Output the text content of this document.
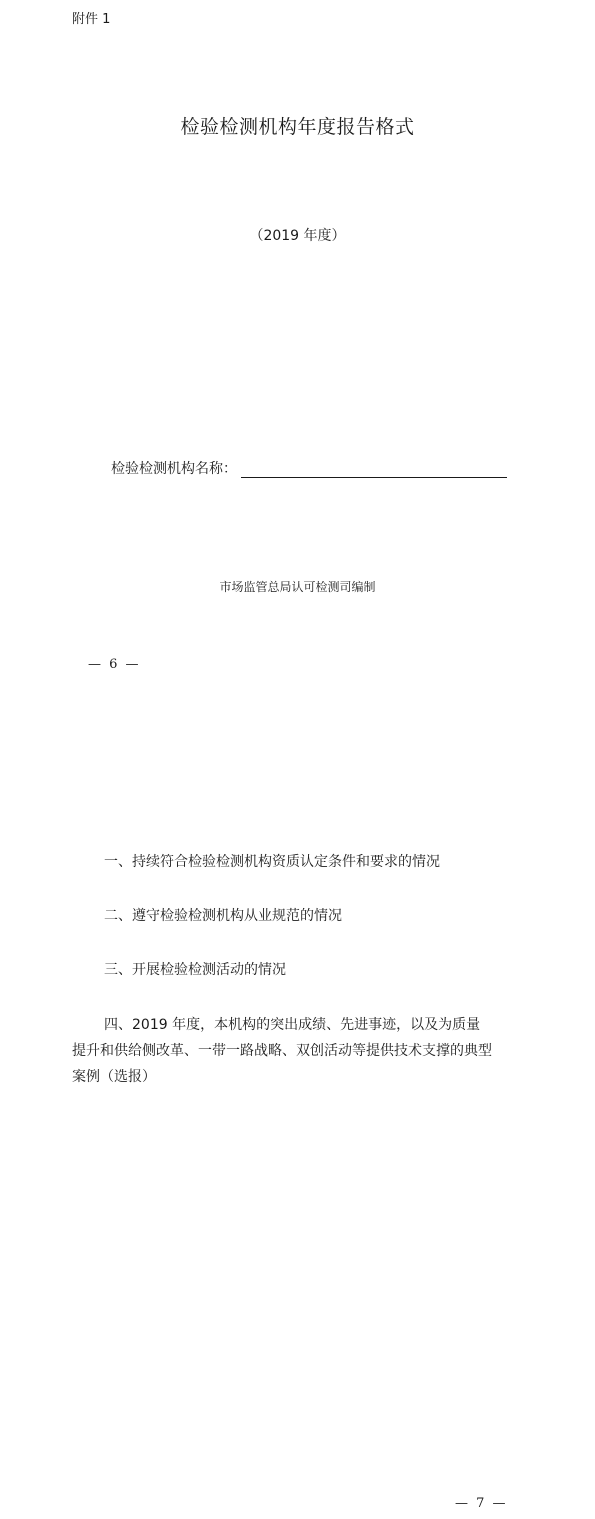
附件 1
检验检测机构年度报告格式
（2019 年度）
检验检测机构名称：
市场监管总局认可检测司编制
— 6 —
一、持续符合检验检测机构资质认定条件和要求的情况
二、遵守检验检测机构从业规范的情况
三、开展检验检测活动的情况
四、2019 年度，本机构的突出成绩、先进事迹，以及为质量提升和供给侧改革、一带一路战略、双创活动等提供技术支撑的典型案例（选报）
— 7 —
